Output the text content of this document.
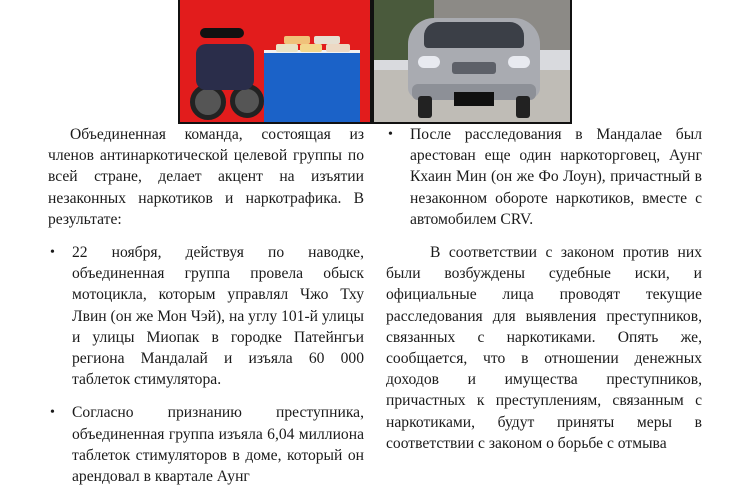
Объединенная команда, состоящая из членов антинаркотической целевой группы по всей стране, делает акцент на изъятии незаконных наркотиков и наркотрафика. В результате:

• 22 ноября, действуя по наводке, объединенная группа провела обыск мотоцикла, которым управлял Чжо Тху Лвин (он же Мон Чэй), на углу 101-й улицы и улицы Миопак в городке Патейнгьи региона Мандалай и изъяла 60 000 таблеток стимулятора.
• Согласно признанию преступника, объединенная группа изъяла 6,04 миллиона таблеток стимуляторов в доме, который он арендовал в квартале Аунг
• После расследования в Мандалае был арестован еще один наркоторговец, Аунг Кхаин Мин (он же Фо Лоун), причастный в незаконном обороте наркотиков, вместе с автомобилем CRV.

В соответствии с законом против них были возбуждены судебные иски, и официальные лица проводят текущие расследования для выявления преступников, связанных с наркотиками. Опять же, сообщается, что в отношении денежных доходов и имущества преступников, причастных к преступлениям, связанным с наркотиками, будут приняты меры в соответствии с законом о борьбе с отмыва
